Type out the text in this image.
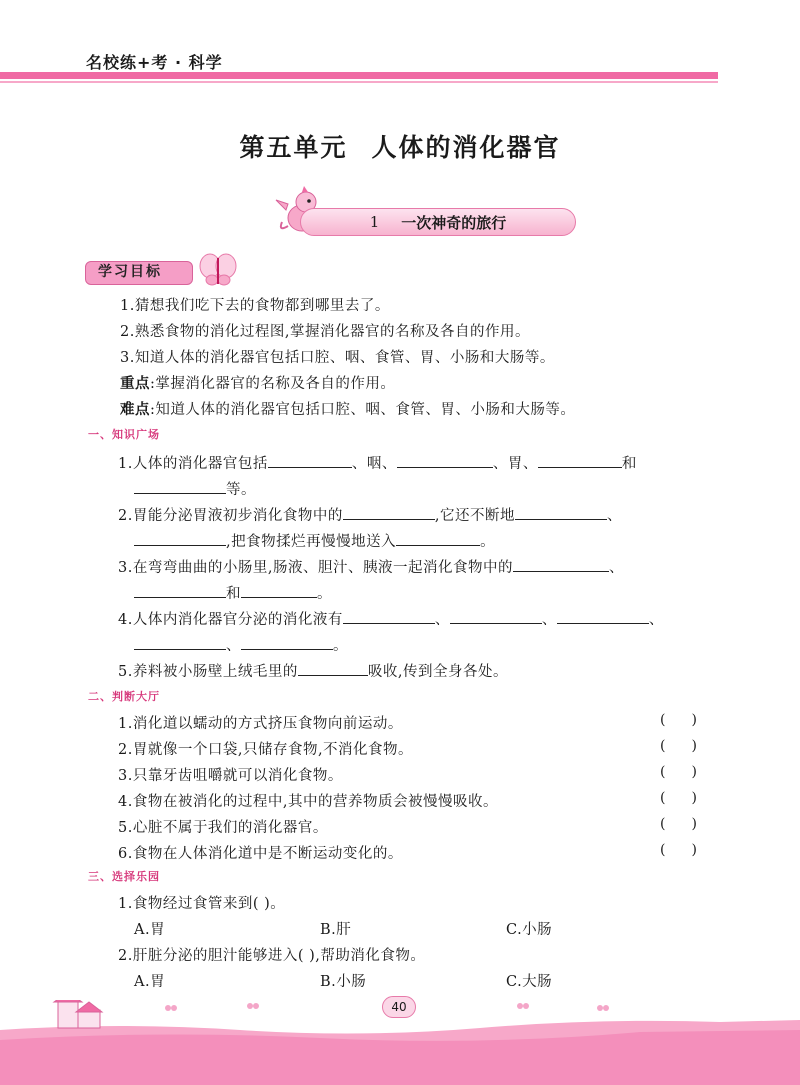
名校练+考 · 科学
第五单元 人体的消化器官
1 一次神奇的旅行
学习目标
1.猜想我们吃下去的食物都到哪里去了。
2.熟悉食物的消化过程图,掌握消化器官的名称及各自的作用。
3.知道人体的消化器官包括口腔、咽、食管、胃、小肠和大肠等。
重点:掌握消化器官的名称及各自的作用。
难点:知道人体的消化器官包括口腔、咽、食管、胃、小肠和大肠等。
一、知识广场
1.人体的消化器官包括	、咽、	、胃、	和
等。
2.胃能分泌胃液初步消化食物中的	,它还不断地	、
,把食物揉烂再慢慢地送入	。
3.在弯弯曲曲的小肠里,肠液、胆汁、胰液一起消化食物中的	、
和	。
4.人体内消化器官分泌的消化液有	、	、	、
、	。
5.养料被小肠壁上绒毛里的	吸收,传到全身各处。
二、判断大厅
1.消化道以蠕动的方式挤压食物向前运动。	()
2.胃就像一个口袋,只储存食物,不消化食物。	()
3.只靠牙齿咀嚼就可以消化食物。	()
4.食物在被消化的过程中,其中的营养物质会被慢慢吸收。	()
5.心脏不属于我们的消化器官。	()
6.食物在人体消化道中是不断运动变化的。	()
三、选择乐园
1.食物经过食管来到( )。
A.胃	B.肝	C.小肠
2.肝脏分泌的胆汁能够进入( ),帮助消化食物。
A.胃	B.小肠	C.大肠
40
